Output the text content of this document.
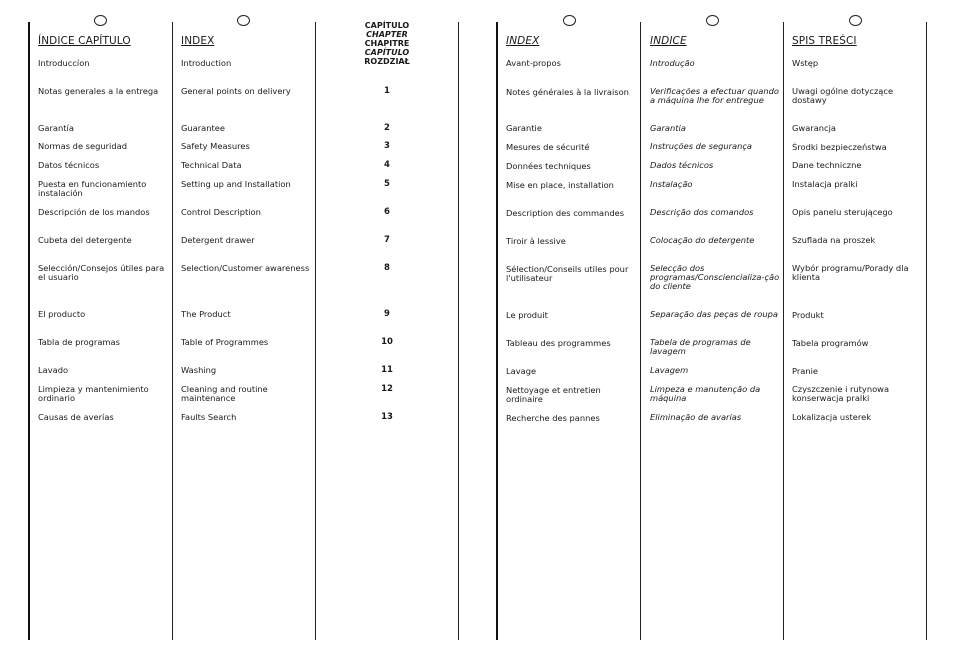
ÍNDICE CAPÍTULO
Introduccíon
Notas generales a la entrega
Garantía
Normas de seguridad
Datos técnicos
Puesta en funcionamiento instalación
Descripción de los mandos
Cubeta del detergente
Selección/Consejos útiles para el usuario
El producto
Tabla de programas
Lavado
Limpieza y mantenimiento ordinario
Causas de averías
INDEX
Introduction
General points on delivery
Guarantee
Safety Measures
Technical Data
Setting up and Installation
Control Description
Detergent drawer
Selection/Customer awareness
The Product
Table of Programmes
Washing
Cleaning and routine maintenance
Faults Search
CAPÍTULO
CHAPTER
CHAPITRE
CAPÍTULO
ROZDZIAŁ
1
2
3
4
5
6
7
8
9
10
11
12
13
INDEX
Avant-propos
Notes générales à la livraison
Garantie
Mesures de sécurité
Données techniques
Mise en place, installation
Description des commandes
Tiroir à lessive
Sélection/Conseils utiles pour l'utilisateur
Le produit
Tableau des programmes
Lavage
Nettoyage et entretien ordinaire
Recherche des pannes
INDICE
Introdução
Verificações a efectuar quando a máquina lhe for entregue
Garantia
Instruções de segurança
Dados técnicos
Instalação
Descrição dos comandos
Colocação do detergente
Selecção dos programas/Consciencializa-ção do cliente
Separação das peças de roupa
Tabela de programas de lavagem
Lavagem
Limpeza e manutenção da máquina
Eliminação de avarias
SPIS TREŚCI
Wstęp
Uwagi ogólne dotyczące dostawy
Gwarancja
Środki bezpieczeństwa
Dane techniczne
Instalacja pralki
Opis panelu sterującego
Szuflada na proszek
Wybór programu/Porady dla klienta
Produkt
Tabela programów
Pranie
Czyszczenie i rutynowa konserwacja pralki
Lokalizacja usterek
